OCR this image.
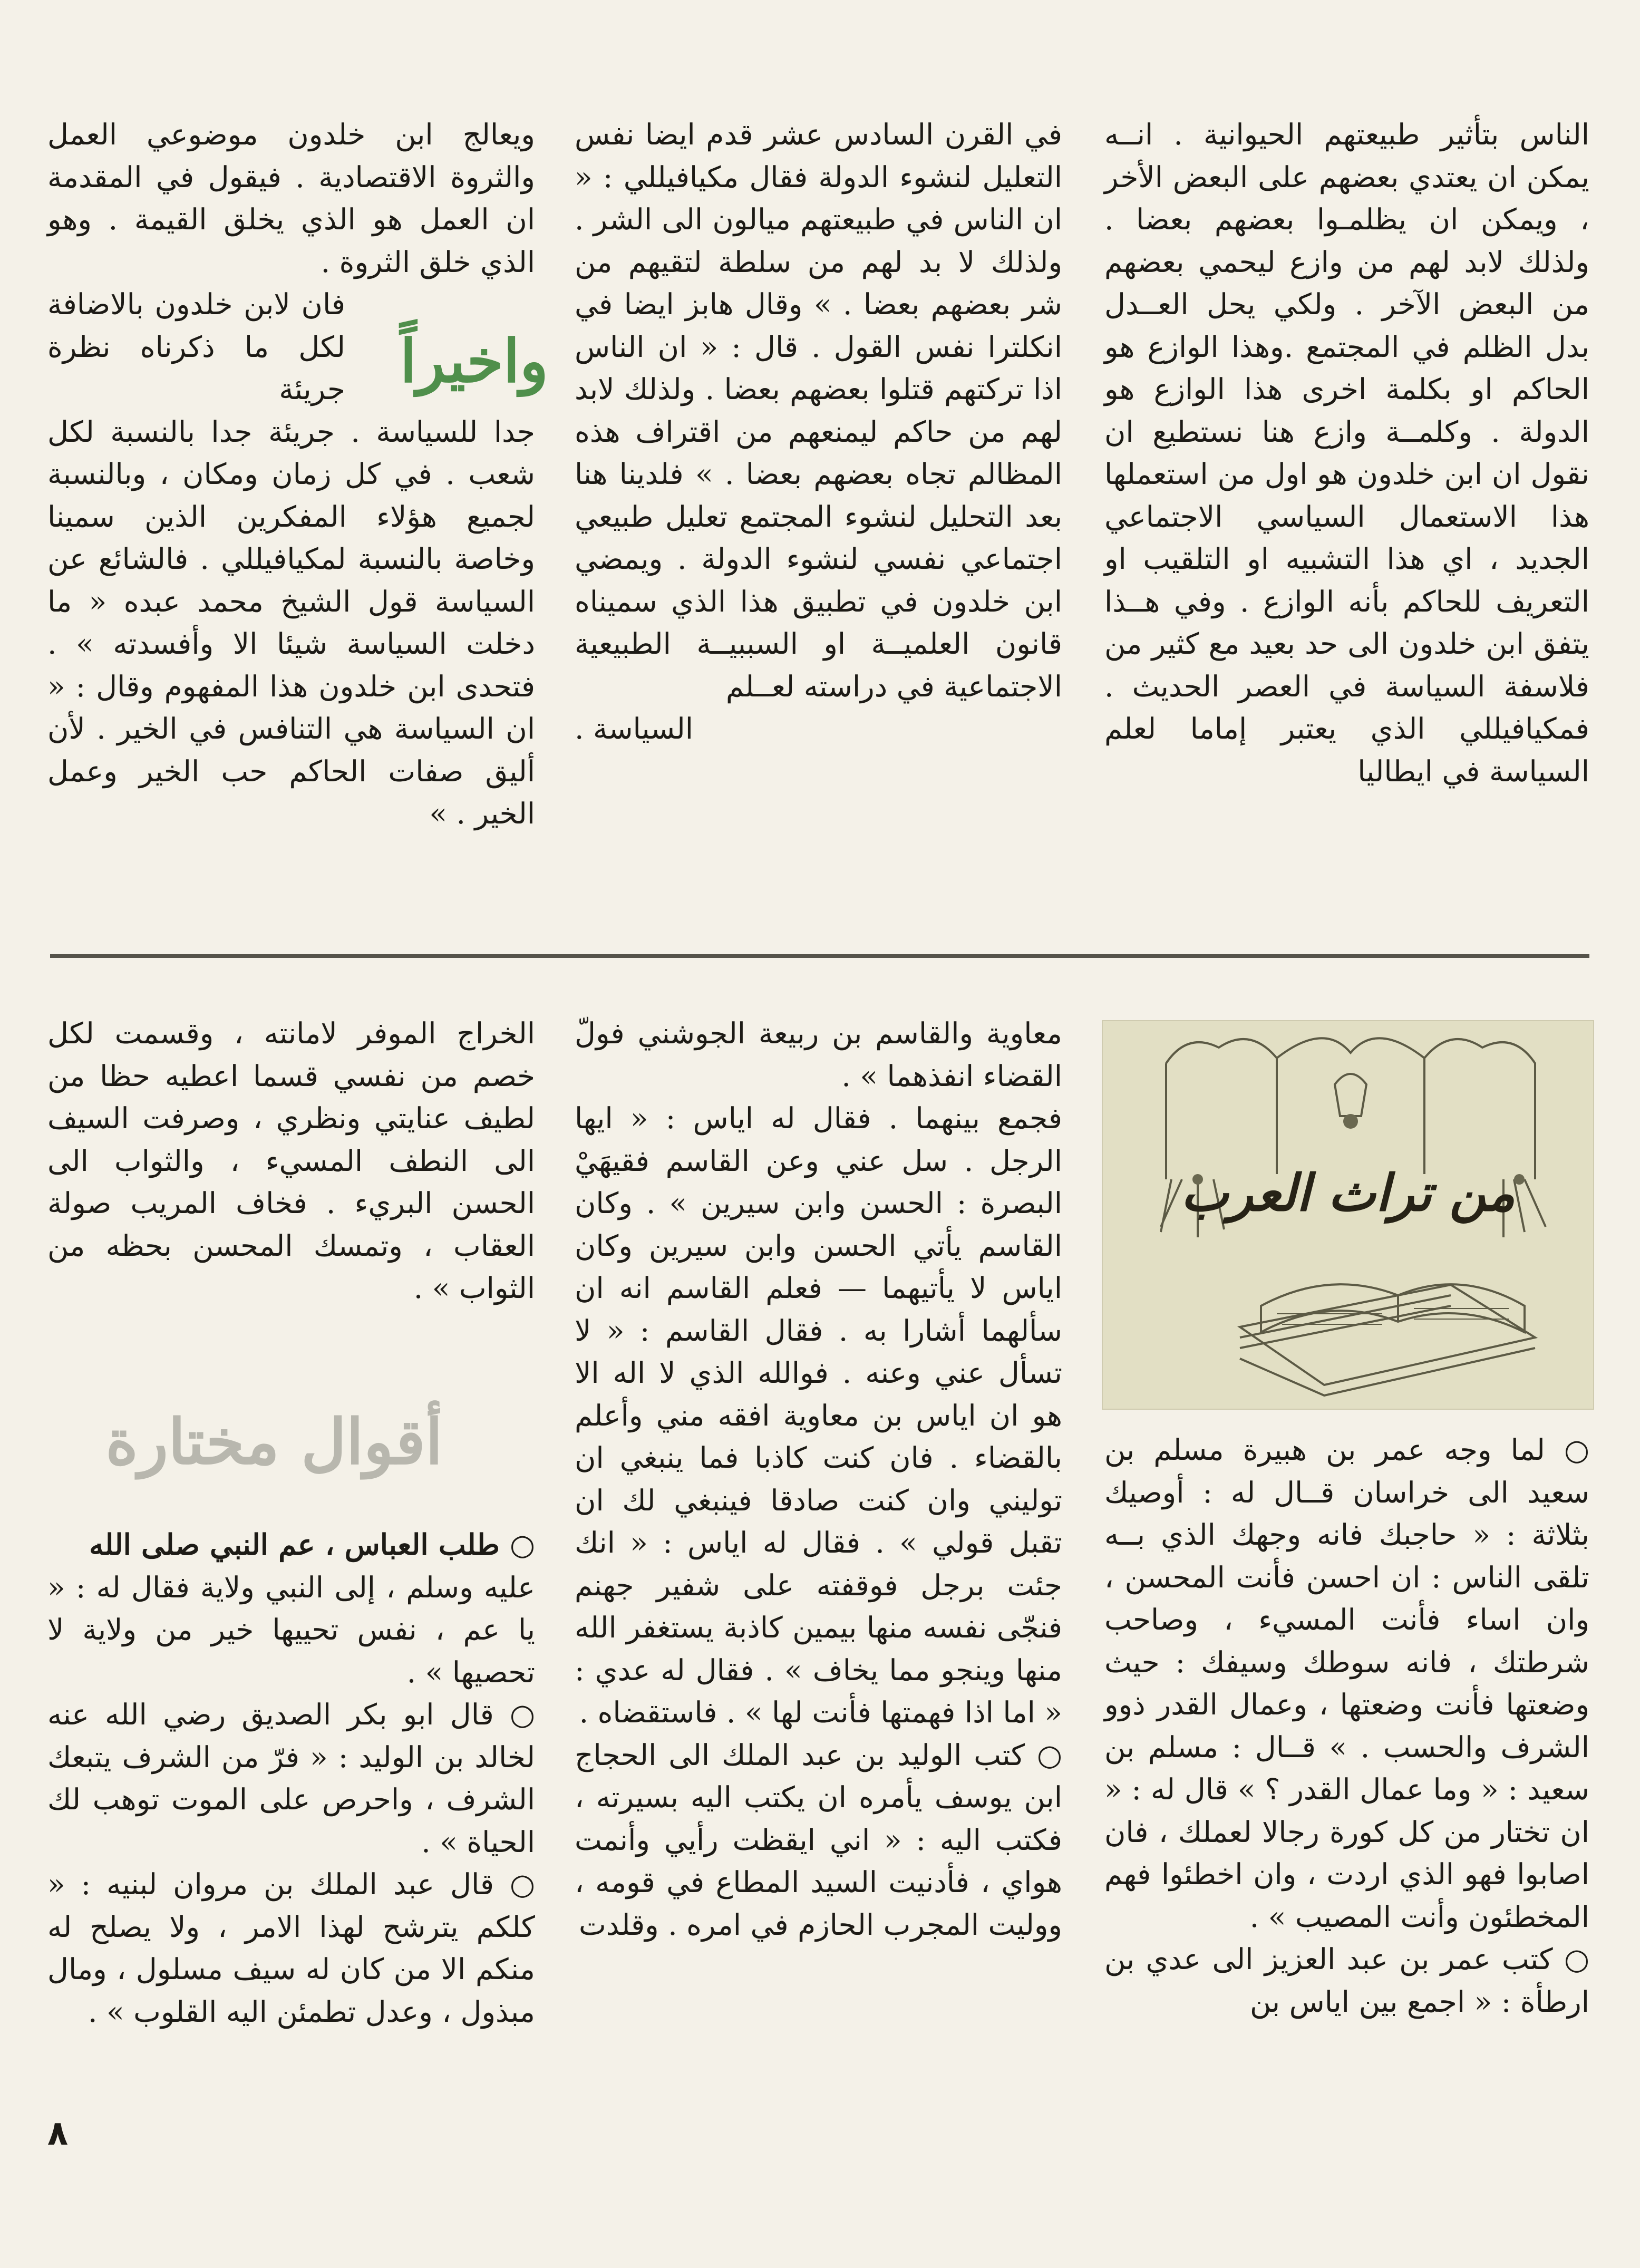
الناس بتأثير طبيعتهم الحيوانية . انــه يمكن ان يعتدي بعضهم على البعض الأخر ، ويمكن ان يظلمـوا بعضهم بعضا . ولذلك لابد لهم من وازع ليحمي بعضهم من البعض الآخر . ولكي يحل العــدل بدل الظلم في المجتمع .وهذا الوازع هو الحاكم او بكلمة اخرى هذا الوازع هو الدولة . وكلمــة وازع هنا نستطيع ان نقول ان ابن خلدون هو اول من استعملها هذا الاستعمال السياسي الاجتماعي الجديد ، اي هذا التشبيه او التلقيب او التعريف للحاكم بأنه الوازع . وفي هــذا يتفق ابن خلدون الى حد بعيد مع كثير من فلاسفة السياسة في العصر الحديث . فمكيافيللي الذي يعتبر إماما لعلم السياسة في ايطاليا

في القرن السادس عشر قدم ايضا نفس التعليل لنشوء الدولة فقال مكيافيللي : « ان الناس في طبيعتهم ميالون الى الشر . ولذلك لا بد لهم من سلطة لتقيهم من شر بعضهم بعضا . » وقال هابز ايضا في انكلترا نفس القول . قال : « ان الناس اذا تركتهم قتلوا بعضهم بعضا . ولذلك لابد لهم من حاكم ليمنعهم من اقتراف هذه المظالم تجاه بعضهم بعضا . » فلدينا هنا بعد التحليل لنشوء المجتمع تعليل طبيعي اجتماعي نفسي لنشوء الدولة . ويمضي ابن خلدون في تطبيق هذا الذي سميناه قانون العلميــة او السببيــة الطبيعية الاجتماعية في دراسته لعــلم

السياسة .

ويعالج ابن خلدون موضوعي العمل والثروة الاقتصادية . فيقول في المقدمة ان العمل هو الذي يخلق القيمة . وهو الذي خلق الثروة .

فان لابن خلدون بالاضافة لكل ما ذكرناه نظرة جريئة

جدا للسياسة . جريئة جدا بالنسبة لكل شعب . في كل زمان ومكان ، وبالنسبة لجميع هؤلاء المفكرين الذين سمينا وخاصة بالنسبة لمكيافيللي . فالشائع عن السياسة قول الشيخ محمد عبده « ما دخلت السياسة شيئا الا وأفسدته » . فتحدى ابن خلدون هذا المفهوم وقال : « ان السياسة هي التنافس في الخير . لأن أليق صفات الحاكم حب الخير وعمل الخير . »

واخيراً
من تراث العرب

○ لما وجه عمر بن هبيرة مسلم بن سعيد الى خراسان قــال له : أوصيك بثلاثة : « حاجبك فانه وجهك الذي بــه تلقى الناس : ان احسن فأنت المحسن ، وان اساء فأنت المسيء ، وصاحب شرطتك ، فانه سوطك وسيفك : حيث وضعتها فأنت وضعتها ، وعمال القدر ذوو الشرف والحسب . » قــال : مسلم بن سعيد : « وما عمال القدر ؟ » قال له : « ان تختار من كل كورة رجالا لعملك ، فان اصابوا فهو الذي اردت ، وان اخطئوا فهم المخطئون وأنت المصيب » .

○ كتب عمر بن عبد العزيز الى عدي بن ارطأة : « اجمع بين اياس بن

معاوية والقاسم بن ربيعة الجوشني فولّ القضاء انفذهما » .

فجمع بينهما . فقال له اياس : « ايها الرجل . سل عني وعن القاسم فقيهَيْ البصرة : الحسن وابن سيرين » . وكان القاسم يأتي الحسن وابن سيرين وكان اياس لا يأتيهما — فعلم القاسم انه ان سألهما أشارا به . فقال القاسم : « لا تسأل عني وعنه . فوالله الذي لا اله الا هو ان اياس بن معاوية افقه مني وأعلم بالقضاء . فان كنت كاذبا فما ينبغي ان توليني وان كنت صادقا فينبغي لك ان تقبل قولي » . فقال له اياس : « انك جئت برجل فوقفته على شفير جهنم فنجّى نفسه منها بيمين كاذبة يستغفر الله منها وينجو مما يخاف » . فقال له عدي : « اما اذا فهمتها فأنت لها » . فاستقضاه .

○ كتب الوليد بن عبد الملك الى الحجاج ابن يوسف يأمره ان يكتب اليه بسيرته ، فكتب اليه : « اني ايقظت رأيي وأنمت هواي ، فأدنيت السيد المطاع في قومه ، ووليت المجرب الحازم في امره . وقلدت

الخراج الموفر لامانته ، وقسمت لكل خصم من نفسي قسما اعطيه حظا من لطيف عنايتي ونظري ، وصرفت السيف الى النطف المسيء ، والثواب الى الحسن البريء . فخاف المريب صولة العقاب ، وتمسك المحسن بحظه من الثواب » .

أقوال مختارة

○ طلب العباس ، عم النبي صلى الله

عليه وسلم ، إلى النبي ولاية فقال له : « يا عم ، نفس تحييها خير من ولاية لا تحصيها » .

○ قال ابو بكر الصديق رضي الله عنه لخالد بن الوليد : « فرّ من الشرف يتبعك الشرف ، واحرص على الموت توهب لك الحياة » .

○ قال عبد الملك بن مروان لبنيه : « كلكم يترشح لهذا الامر ، ولا يصلح له منكم الا من كان له سيف مسلول ، ومال مبذول ، وعدل تطمئن اليه القلوب » .

٨
